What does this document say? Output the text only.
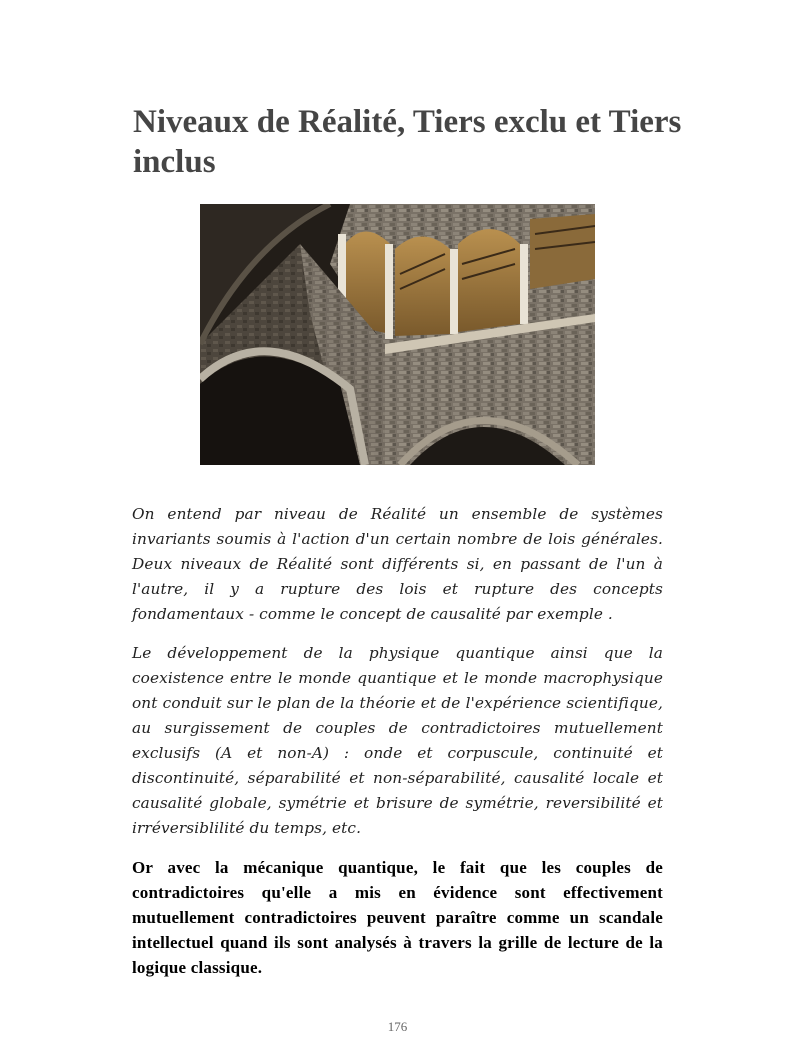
Niveaux de Réalité, Tiers exclu et Tiers inclus

On entend par niveau de Réalité un ensemble de systèmes invariants soumis à l'action d'un certain nombre de lois générales. Deux niveaux de Réalité sont différents si, en passant de l'un à l'autre, il y a rupture des lois et rupture des concepts fondamentaux - comme le concept de causalité par exemple .

Le développement de la physique quantique ainsi que la coexistence entre le monde quantique et le monde macrophysique ont conduit sur le plan de la théorie et de l'expérience scientifique, au surgissement de couples de contradictoires mutuellement exclusifs (A et non-A) : onde et corpuscule, continuité et discontinuité, séparabilité et non-séparabilité, causalité locale et causalité globale, symétrie et brisure de symétrie, reversibilité et irréversiblilité du temps, etc.

Or avec la mécanique quantique, le fait que les couples de contradictoires qu'elle a mis en évidence sont effectivement mutuellement contradictoires peuvent paraître comme un scandale intellectuel quand ils sont analysés à travers la grille de lecture de la logique classique.

176
